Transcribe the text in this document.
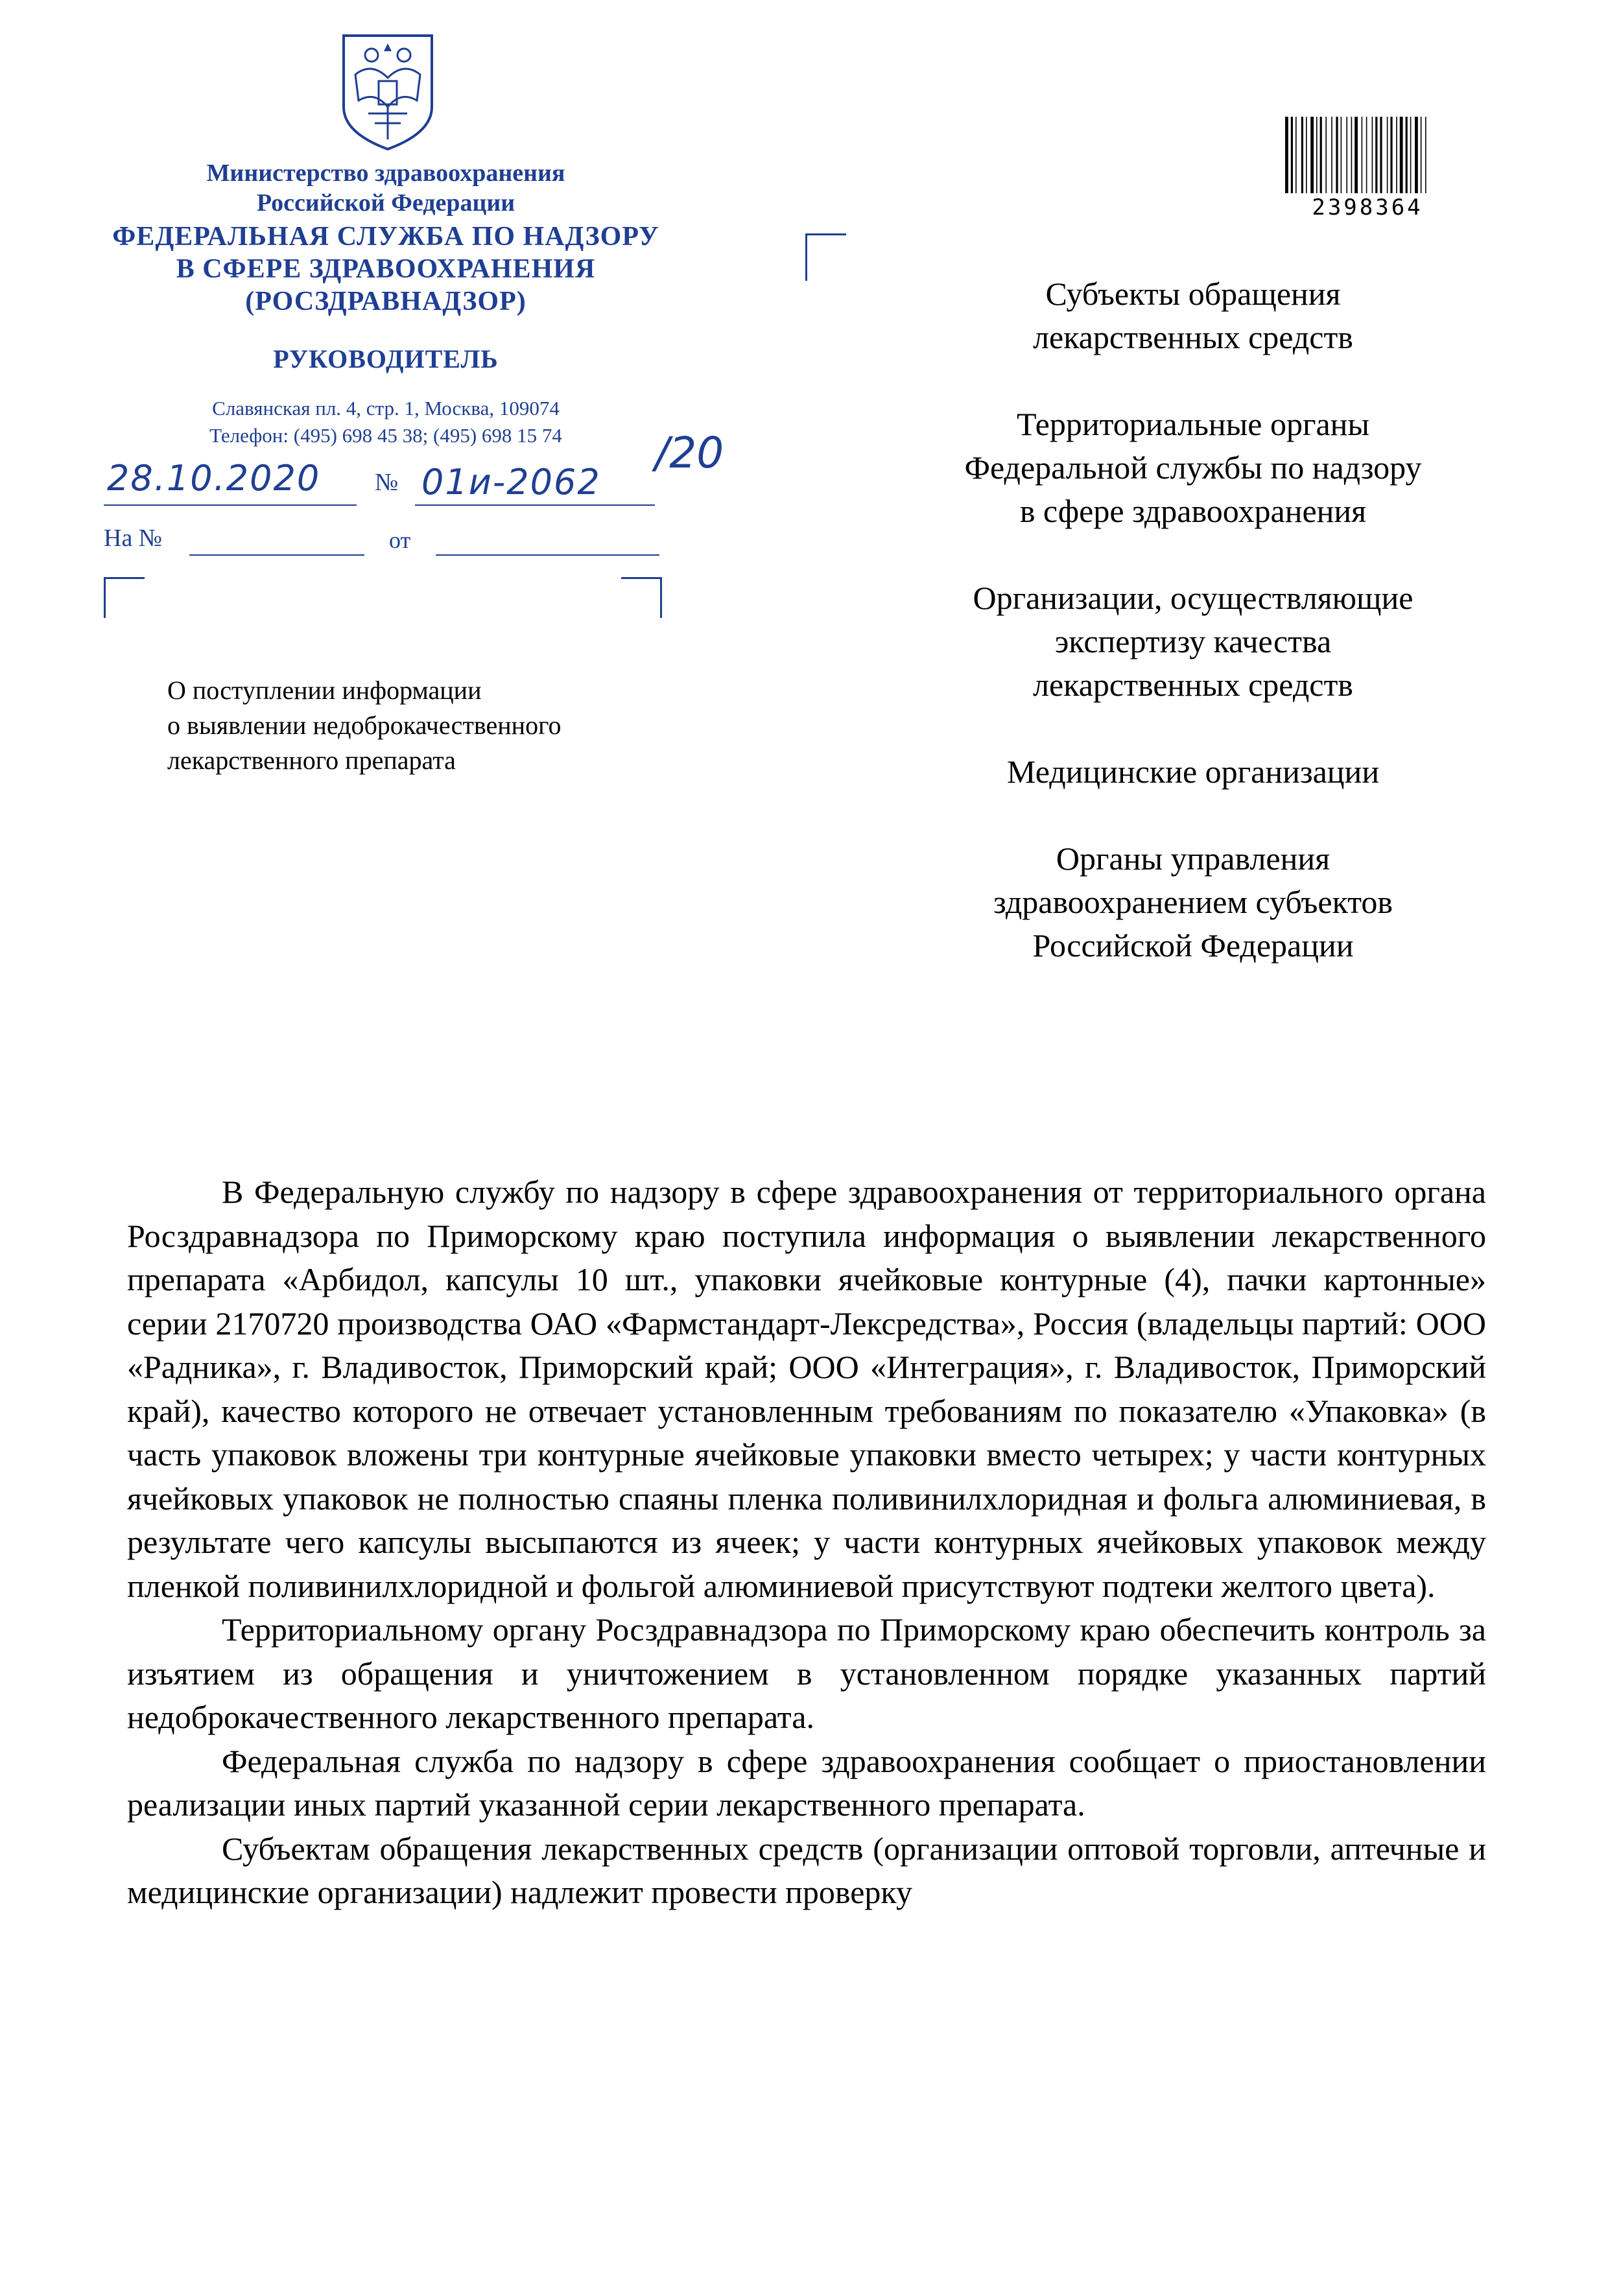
Министерство здравоохранения
Российской Федерации
ФЕДЕРАЛЬНАЯ СЛУЖБА ПО НАДЗОРУ
В СФЕРЕ ЗДРАВООХРАНЕНИЯ
(РОСЗДРАВНАДЗОР)
РУКОВОДИТЕЛЬ
Славянская пл. 4, стр. 1, Москва, 109074
Телефон: (495) 698 45 38; (495) 698 15 74
28.10.2020 № 01и-2062
/20
На №	от
О поступлении информации
о выявлении недоброкачественного
лекарственного препарата
2398364
Субъекты обращения
лекарственных средств
Территориальные органы
Федеральной службы по надзору
в сфере здравоохранения
Организации, осуществляющие
экспертизу качества
лекарственных средств
Медицинские организации
Органы управления
здравоохранением субъектов
Российской Федерации

В Федеральную службу по надзору в сфере здравоохранения от территориального органа Росздравнадзора по Приморскому краю поступила информация о выявлении лекарственного препарата «Арбидол, капсулы 10 шт., упаковки ячейковые контурные (4), пачки картонные» серии 2170720 производства ОАО «Фармстандарт-Лексредства», Россия (владельцы партий: ООО «Радника», г. Владивосток, Приморский край; ООО «Интеграция», г. Владивосток, Приморский край), качество которого не отвечает установленным требованиям по показателю «Упаковка» (в часть упаковок вложены три контурные ячейковые упаковки вместо четырех; у части контурных ячейковых упаковок не полностью спаяны пленка поливинилхлоридная и фольга алюминиевая, в результате чего капсулы высыпаются из ячеек; у части контурных ячейковых упаковок между пленкой поливинилхлоридной и фольгой алюминиевой присутствуют подтеки желтого цвета).

Территориальному органу Росздравнадзора по Приморскому краю обеспечить контроль за изъятием из обращения и уничтожением в установленном порядке указанных партий недоброкачественного лекарственного препарата.

Федеральная служба по надзору в сфере здравоохранения сообщает о приостановлении реализации иных партий указанной серии лекарственного препарата.

Субъектам обращения лекарственных средств (организации оптовой торговли, аптечные и медицинские организации) надлежит провести проверку
